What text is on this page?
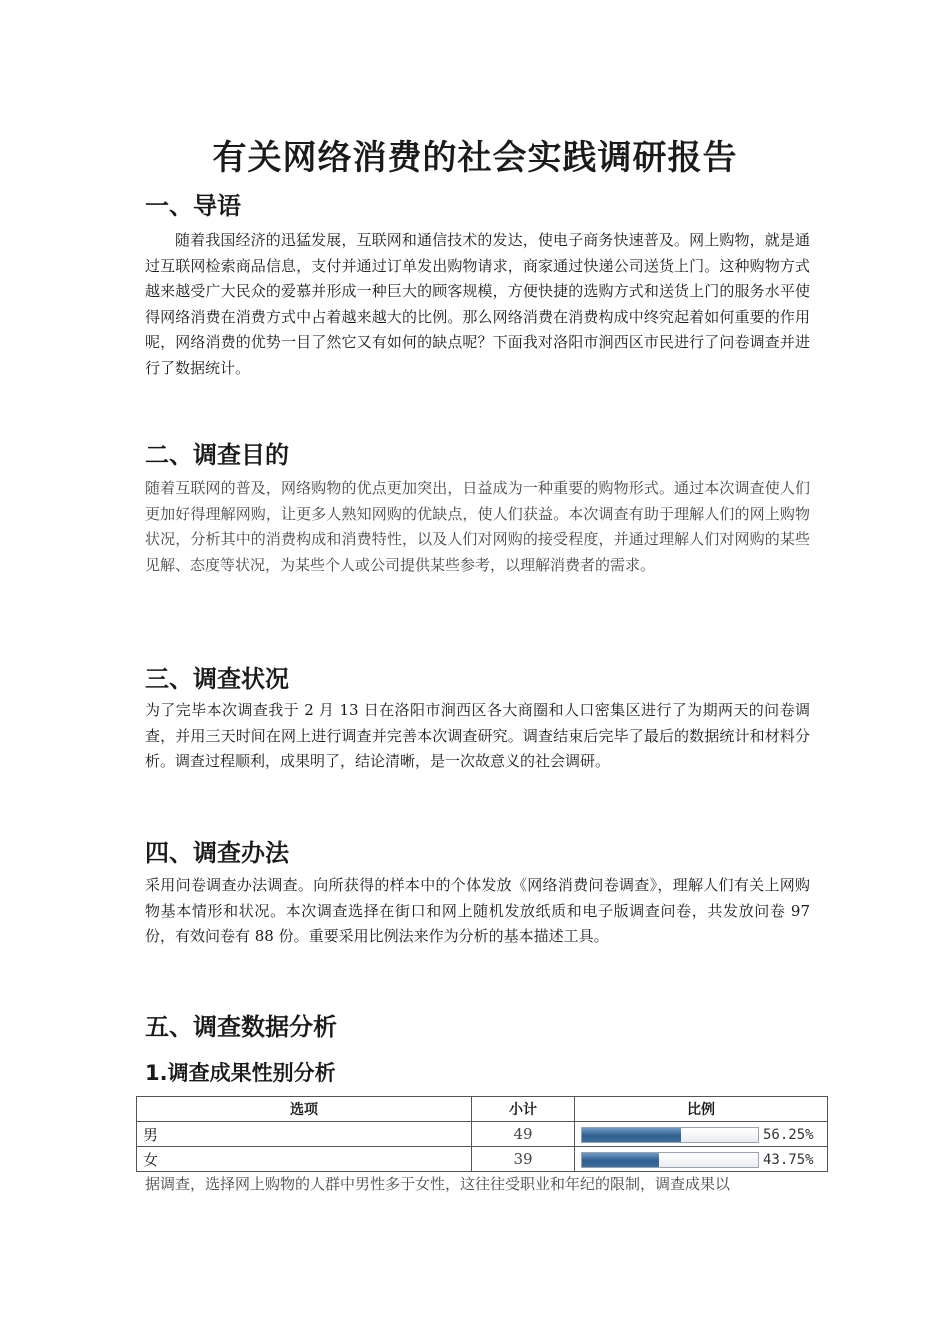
有关网络消费的社会实践调研报告
一、导语

随着我国经济的迅猛发展，互联网和通信技术的发达，使电子商务快速普及。网上购物，就是通过互联网检索商品信息，支付并通过订单发出购物请求，商家通过快递公司送货上门。这种购物方式越来越受广大民众的爱慕并形成一种巨大的顾客规模，方便快捷的选购方式和送货上门的服务水平使得网络消费在消费方式中占着越来越大的比例。那么网络消费在消费构成中终究起着如何重要的作用呢，网络消费的优势一目了然它又有如何的缺点呢？下面我对洛阳市涧西区市民进行了问卷调查并进行了数据统计。

二、调查目的

随着互联网的普及，网络购物的优点更加突出，日益成为一种重要的购物形式。通过本次调查使人们更加好得理解网购，让更多人熟知网购的优缺点，使人们获益。本次调查有助于理解人们的网上购物状况，分析其中的消费构成和消费特性，以及人们对网购的接受程度，并通过理解人们对网购的某些见解、态度等状况，为某些个人或公司提供某些参考，以理解消费者的需求。

三、调查状况

为了完毕本次调查我于 2 月 13 日在洛阳市涧西区各大商圈和人口密集区进行了为期两天的问卷调查，并用三天时间在网上进行调查并完善本次调查研究。调查结束后完毕了最后的数据统计和材料分析。调查过程顺利，成果明了，结论清晰，是一次故意义的社会调研。

四、调查办法

采用问卷调查办法调查。向所获得的样本中的个体发放《网络消费问卷调查》，理解人们有关上网购物基本情形和状况。本次调查选择在街口和网上随机发放纸质和电子版调查问卷，共发放问卷 97 份，有效问卷有 88 份。重要采用比例法来作为分析的基本描述工具。

五、调查数据分析
1.调查成果性别分析
选项	小计	比例
男	49	56.25%
女	39	43.75%

据调查，选择网上购物的人群中男性多于女性，这往往受职业和年纪的限制，调查成果以
